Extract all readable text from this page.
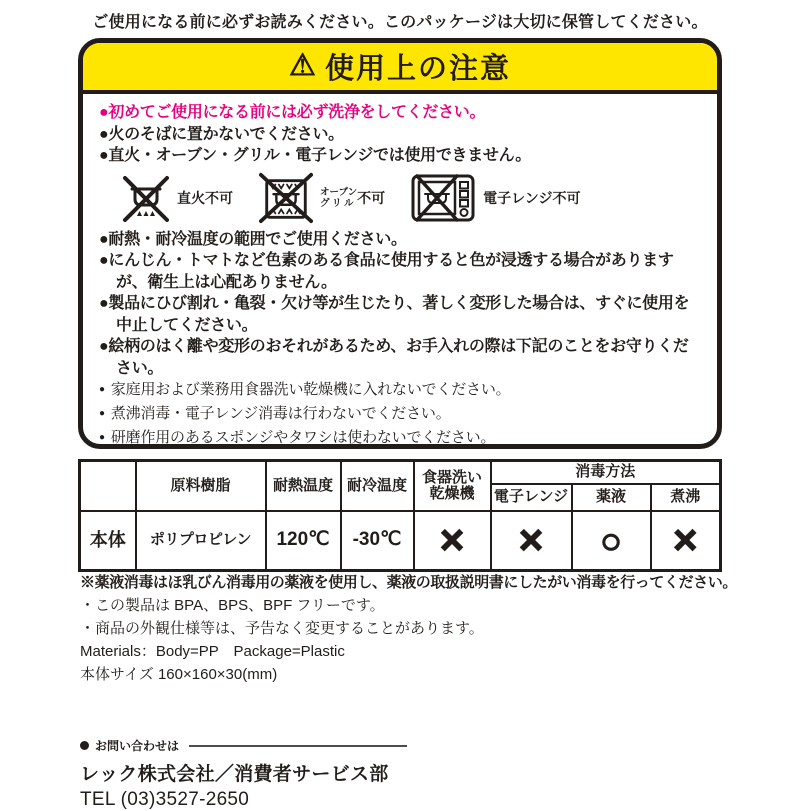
ご使用になる前に必ずお読みください。このパッケージは大切に保管してください。
⚠ 使用上の注意

● 初めてご使用になる前には必ず洗浄をしてください。

● 火のそばに置かないでください。

● 直火・オーブン・グリル・電子レンジでは使用できません。

直火不可	オーブン
グリル 不可	電子レンジ不可

● 耐熱・耐冷温度の範囲でご使用ください。

● にんじん・トマトなど色素のある食品に使用すると色が浸透する場合がありますが、衛生上は心配ありません。

● 製品にひび割れ・亀裂・欠け等が生じたり、著しく変形した場合は、すぐに使用を中止してください。

● 絵柄のはく離や変形のおそれがあるため、お手入れの際は下記のことをお守りください。

● 家庭用および業務用食器洗い乾燥機に入れないでください。

● 煮沸消毒・電子レンジ消毒は行わないでください。

● 研磨作用のあるスポンジやタワシは使わないでください。

	原料樹脂	耐熱温度	耐冷温度	食器洗い
乾燥機	消毒方法		
					電子レンジ	薬液	煮沸
本体	ポリプロピレン	120℃	-30℃	×	×	○	×
※薬液消毒はほ乳びん消毒用の薬液を使用し、薬液の取扱説明書にしたがい消毒を行ってください。
・この製品は BPA、BPS、BPF フリーです。
・商品の外観仕様等は、予告なく変更することがあります。
Materials：Body=PP　Package=Plastic
本体サイズ 160×160×30(mm)
お問い合わせは
レック株式会社／消費者サービス部
TEL (03)3527-2650
